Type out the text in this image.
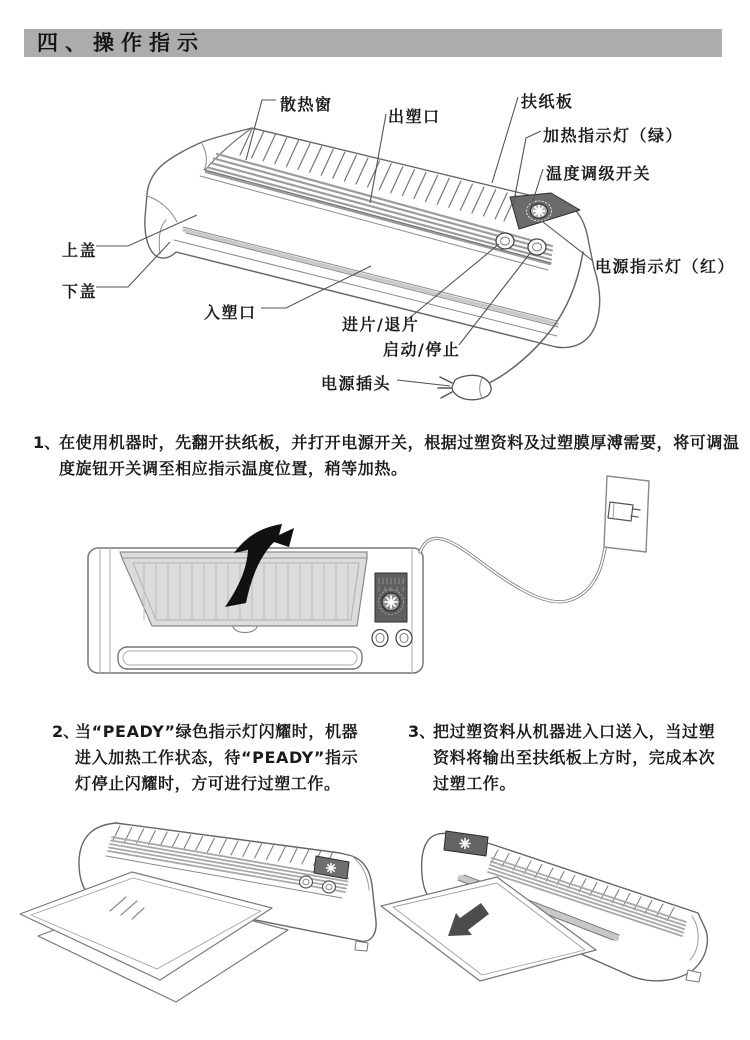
四、操作指示
散热窗
出塑口
扶纸板
加热指示灯（绿）
温度调级开关
电源指示灯（红）
上盖
下盖
入塑口
进片/退片
启动/停止
电源插头
1、
在使用机器时，先翻开扶纸板，并打开电源开关，根据过塑资料及过塑膜厚溥需要，将可调温
度旋钮开关调至相应指示温度位置，稍等加热。
2、
当“PEADY”绿色指示灯闪耀时，机器
进入加热工作状态，待“PEADY”指示
灯停止闪耀时，方可进行过塑工作。
3、
把过塑资料从机器进入口送入，当过塑
资料将输出至扶纸板上方时，完成本次
过塑工作。
